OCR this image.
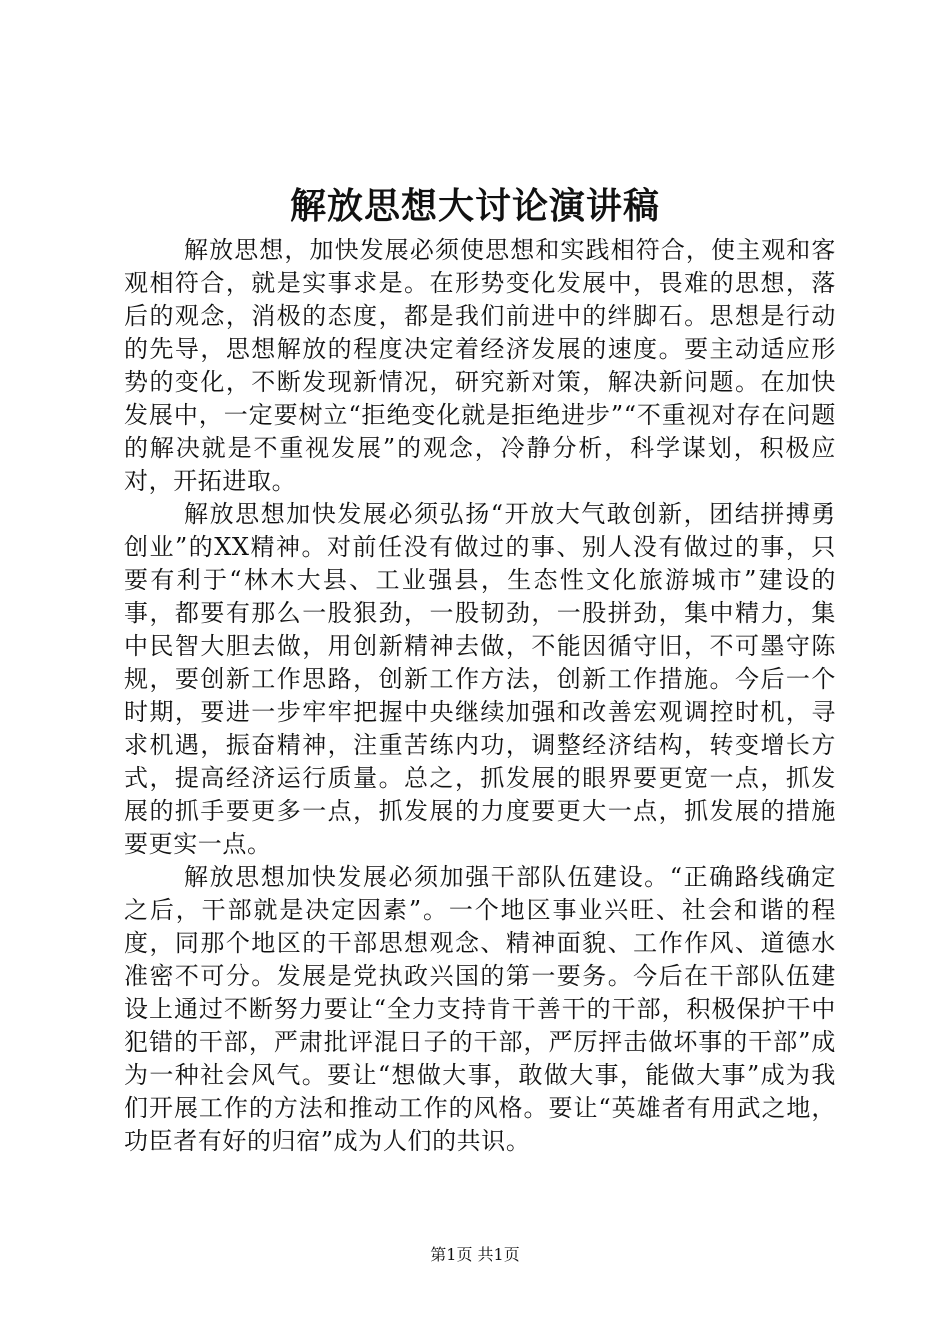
解放思想大讨论演讲稿

解放思想，加快发展必须使思想和实践相符合，使主观和客观相符合，就是实事求是。在形势变化发展中，畏难的思想，落后的观念，消极的态度，都是我们前进中的绊脚石。思想是行动的先导，思想解放的程度决定着经济发展的速度。要主动适应形势的变化，不断发现新情况，研究新对策，解决新问题。在加快发展中，一定要树立“拒绝变化就是拒绝进步”“不重视对存在问题的解决就是不重视发展”的观念，冷静分析，科学谋划，积极应对，开拓进取。

解放思想加快发展必须弘扬“开放大气敢创新，团结拼搏勇创业”的XX精神。对前任没有做过的事、别人没有做过的事，只要有利于“林木大县、工业强县，生态性文化旅游城市”建设的事，都要有那么一股狠劲，一股韧劲，一股拼劲，集中精力，集中民智大胆去做，用创新精神去做，不能因循守旧，不可墨守陈规，要创新工作思路，创新工作方法，创新工作措施。今后一个时期，要进一步牢牢把握中央继续加强和改善宏观调控时机，寻求机遇，振奋精神，注重苦练内功，调整经济结构，转变增长方式，提高经济运行质量。总之，抓发展的眼界要更宽一点，抓发展的抓手要更多一点，抓发展的力度要更大一点，抓发展的措施要更实一点。

解放思想加快发展必须加强干部队伍建设。“正确路线确定之后，干部就是决定因素”。一个地区事业兴旺、社会和谐的程度，同那个地区的干部思想观念、精神面貌、工作作风、道德水准密不可分。发展是党执政兴国的第一要务。今后在干部队伍建设上通过不断努力要让“全力支持肯干善干的干部，积极保护干中犯错的干部，严肃批评混日子的干部，严厉抨击做坏事的干部”成为一种社会风气。要让“想做大事，敢做大事，能做大事”成为我们开展工作的方法和推动工作的风格。要让“英雄者有用武之地，功臣者有好的归宿”成为人们的共识。

第1页 共1页
